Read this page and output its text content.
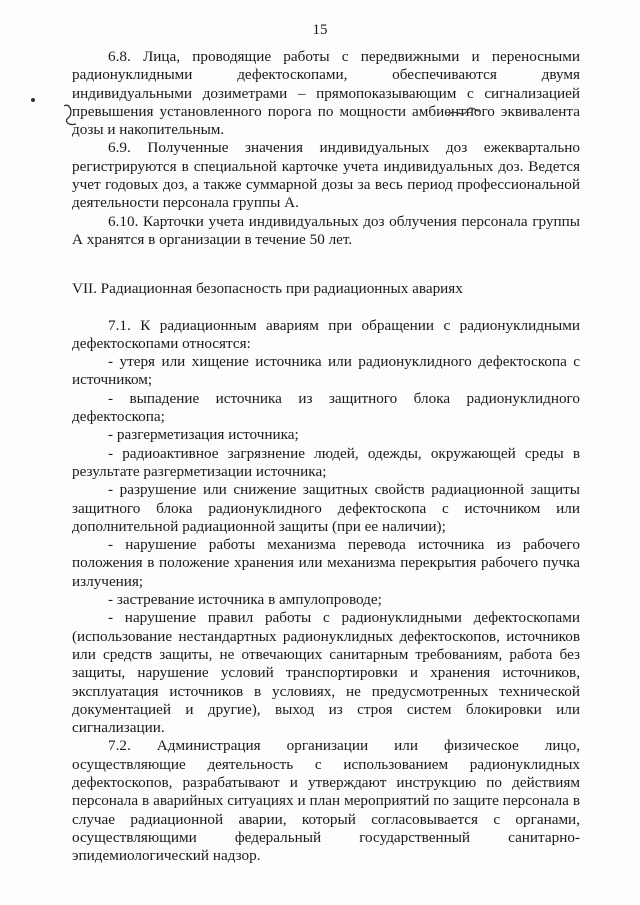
15

6.8. Лица, проводящие работы с передвижными и переносными радионуклидными дефектоскопами, обеспечиваются двумя индивидуальными дозиметрами – прямопоказывающим с сигнализацией превышения установленного порога по мощности амбиентного эквивалента дозы и накопительным.

6.9. Полученные значения индивидуальных доз ежеквартально регистрируются в специальной карточке учета индивидуальных доз. Ведется учет годовых доз, а также суммарной дозы за весь период профессиональной деятельности персонала группы А.

6.10. Карточки учета индивидуальных доз облучения персонала группы А хранятся в организации в течение 50 лет.

VII. Радиационная безопасность при радиационных авариях

7.1. К радиационным авариям при обращении с радионуклидными дефектоскопами относятся:

- утеря или хищение источника или радионуклидного дефектоскопа с источником;

- выпадение источника из защитного блока радионуклидного дефектоскопа;

- разгерметизация источника;

- радиоактивное загрязнение людей, одежды, окружающей среды в результате разгерметизации источника;

- разрушение или снижение защитных свойств радиационной защиты защитного блока радионуклидного дефектоскопа с источником или дополнительной радиационной защиты (при ее наличии);

- нарушение работы механизма перевода источника из рабочего положения в положение хранения или механизма перекрытия рабочего пучка излучения;

- застревание источника в ампулопроводе;

- нарушение правил работы с радионуклидными дефектоскопами (использование нестандартных радионуклидных дефектоскопов, источников или средств защиты, не отвечающих санитарным требованиям, работа без защиты, нарушение условий транспортировки и хранения источников, эксплуатация источников в условиях, не предусмотренных технической документацией и другие), выход из строя систем блокировки или сигнализации.

7.2. Администрация организации или физическое лицо, осуществляющие деятельность с использованием радионуклидных дефектоскопов, разрабатывают и утверждают инструкцию по действиям персонала в аварийных ситуациях и план мероприятий по защите персонала в случае радиационной аварии, который согласовывается с органами, осуществляющими федеральный государственный санитарно-эпидемиологический надзор.
